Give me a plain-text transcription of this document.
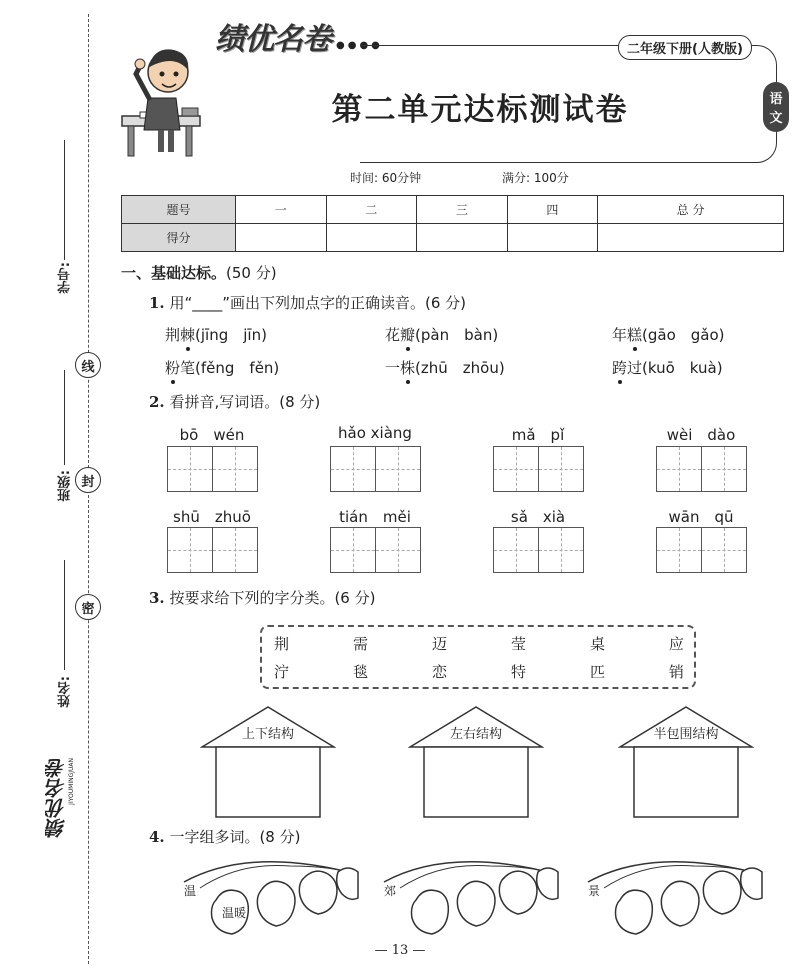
学号:
班级:
姓名:
线
封
密
绩优名卷 JIYOUMINGJUAN
绩优名卷 ●●●●	二年级下册(人教版)
语
文
第二单元达标测试卷
时间: 60分钟	满分: 100分
题号	一	二	三	四	总 分
得分					
一、基础达标。(50 分)
1. 用“____”画出下列加点字的正确读音。(6 分)
荆棘(jīng　jīn)	花瓣(pàn　bàn)	年糕(gāo　gǎo)
粉笔(fěng　fěn)	一株(zhū　zhōu)	跨过(kuō　kuà)
2. 看拼音,写词语。(8 分)
bō　wén	hǎo xiàng	mǎ　pǐ	wèi　dào
shū　zhuō	tián　měi	sǎ　xià	wān　qū
3. 按要求给下列的字分类。(6 分)
荆	需	迈	莹	桌	应
泞	毯	恋	特	匹	销
上下结构	左右结构	半包围结构
4. 一字组多词。(8 分)
温
温暖
郊	景
— 13 —
